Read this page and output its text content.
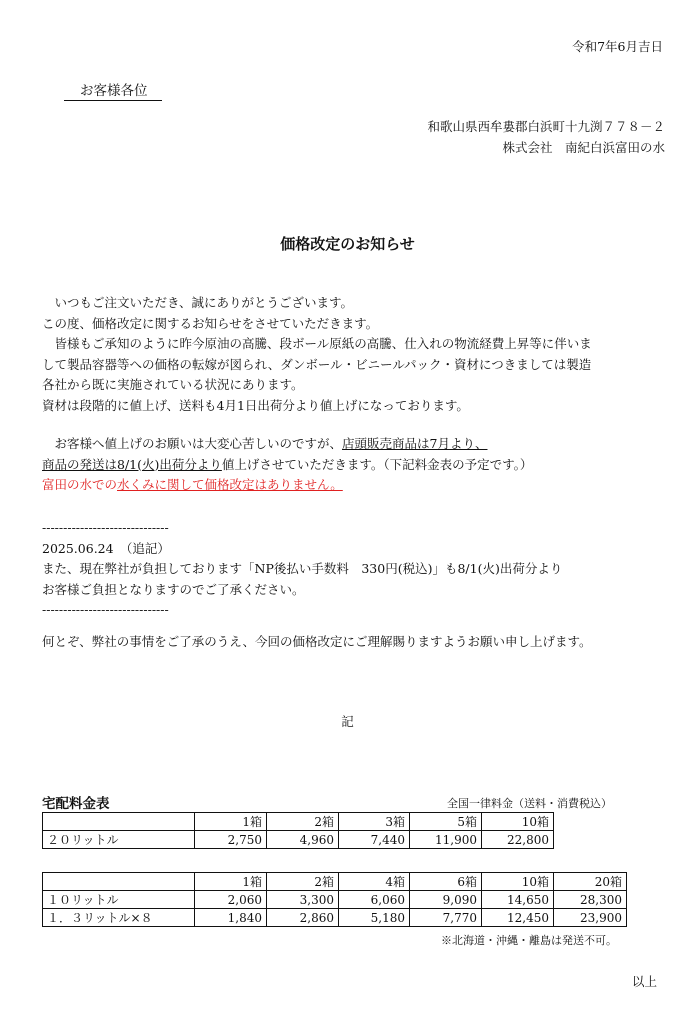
令和7年6月吉日
お客様各位
和歌山県西牟婁郡白浜町十九渕７７８－２
株式会社　南紀白浜富田の水
価格改定のお知らせ
　いつもご注文いただき、誠にありがとうございます。
この度、価格改定に関するお知らせをさせていただきます。
　皆様もご承知のように昨今原油の高騰、段ボール原紙の高騰、仕入れの物流経費上昇等に伴いま
して製品容器等への価格の転嫁が図られ、ダンボール・ビニールパック・資材につきましては製造
各社から既に実施されている状況にあります。
資材は段階的に値上げ、送料も4月1日出荷分より値上げになっております。
　お客様へ値上げのお願いは大変心苦しいのですが、店頭販売商品は7月より、
商品の発送は8/1(火)出荷分より値上げさせていただきます。（下記料金表の予定です。）
富田の水での水くみに関して価格改定はありません。
------------------------------
2025.06.24　（追記）
また、現在弊社が負担しております「NP後払い手数料　330円(税込)」も8/1(火)出荷分より
お客様ご負担となりますのでご了承ください。
------------------------------
何とぞ、弊社の事情をご了承のうえ、今回の価格改定にご理解賜りますようお願い申し上げます。
記
宅配料金表	全国一律料金（送料・消費税込）
	1箱	2箱	3箱	5箱	10箱
２０リットル	2,750	4,960	7,440	11,900	22,800
	1箱	2箱	4箱	6箱	10箱	20箱
１０リットル	2,060	3,300	6,060	9,090	14,650	28,300
１．３リットル×８	1,840	2,860	5,180	7,770	12,450	23,900
※北海道・沖縄・離島は発送不可。
以上
